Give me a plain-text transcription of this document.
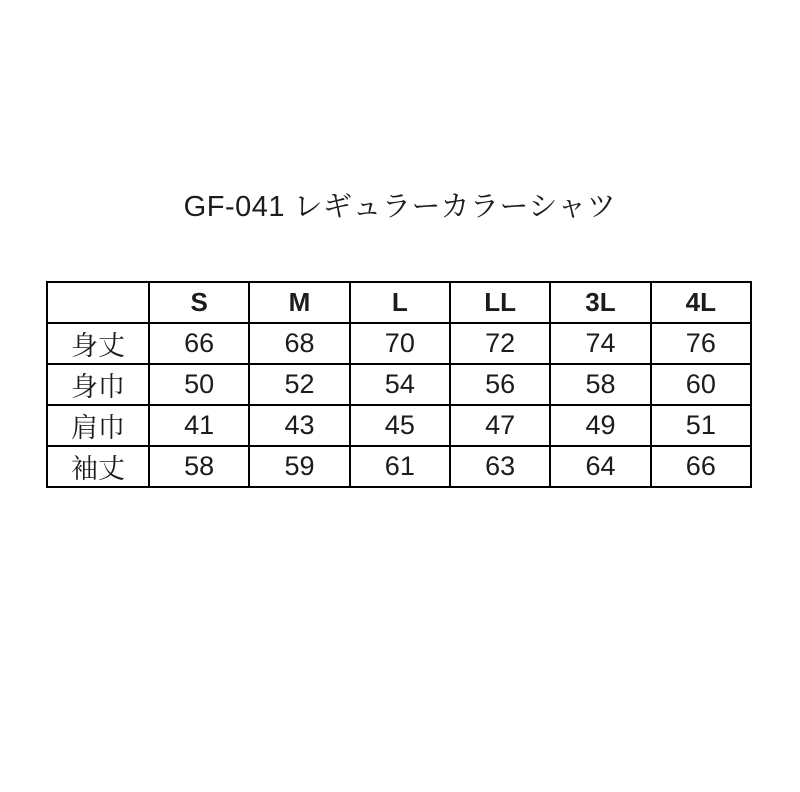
GF-041 レギュラーカラーシャツ
	S	M	L	LL	3L	4L
身丈	66	68	70	72	74	76
身巾	50	52	54	56	58	60
肩巾	41	43	45	47	49	51
袖丈	58	59	61	63	64	66
